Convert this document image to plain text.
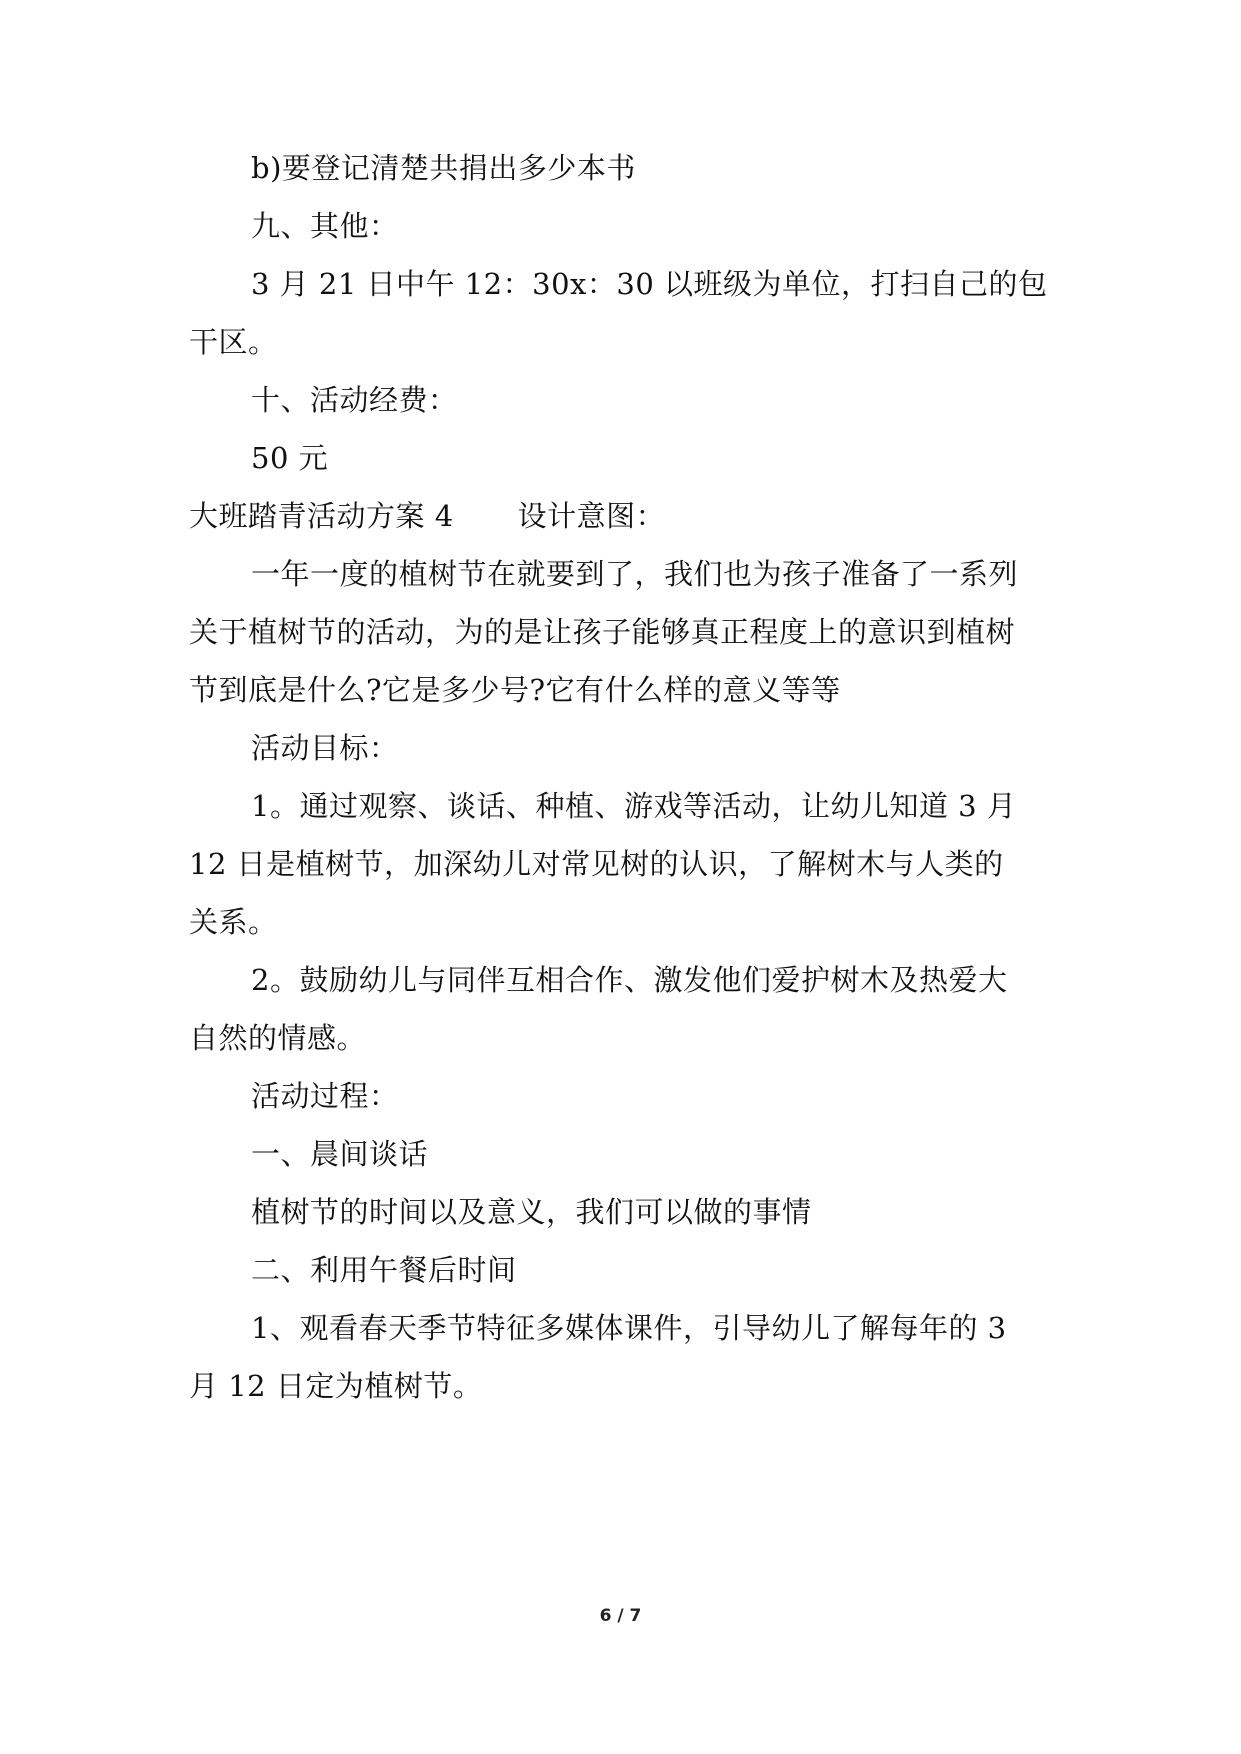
b)要登记清楚共捐出多少本书
九、其他：
3 月 21 日中午 12：30x：30 以班级为单位，打扫自己的包
干区。
十、活动经费：
50 元
大班踏青活动方案 4 设计意图：
一年一度的植树节在就要到了，我们也为孩子准备了一系列
关于植树节的活动，为的是让孩子能够真正程度上的意识到植树
节到底是什么?它是多少号?它有什么样的意义等等
活动目标：
1。通过观察、谈话、种植、游戏等活动，让幼儿知道 3 月
12 日是植树节，加深幼儿对常见树的认识，了解树木与人类的
关系。
2。鼓励幼儿与同伴互相合作、激发他们爱护树木及热爱大
自然的情感。
活动过程：
一、晨间谈话
植树节的时间以及意义，我们可以做的事情
二、利用午餐后时间
1、观看春天季节特征多媒体课件，引导幼儿了解每年的 3
月 12 日定为植树节。
6 / 7
